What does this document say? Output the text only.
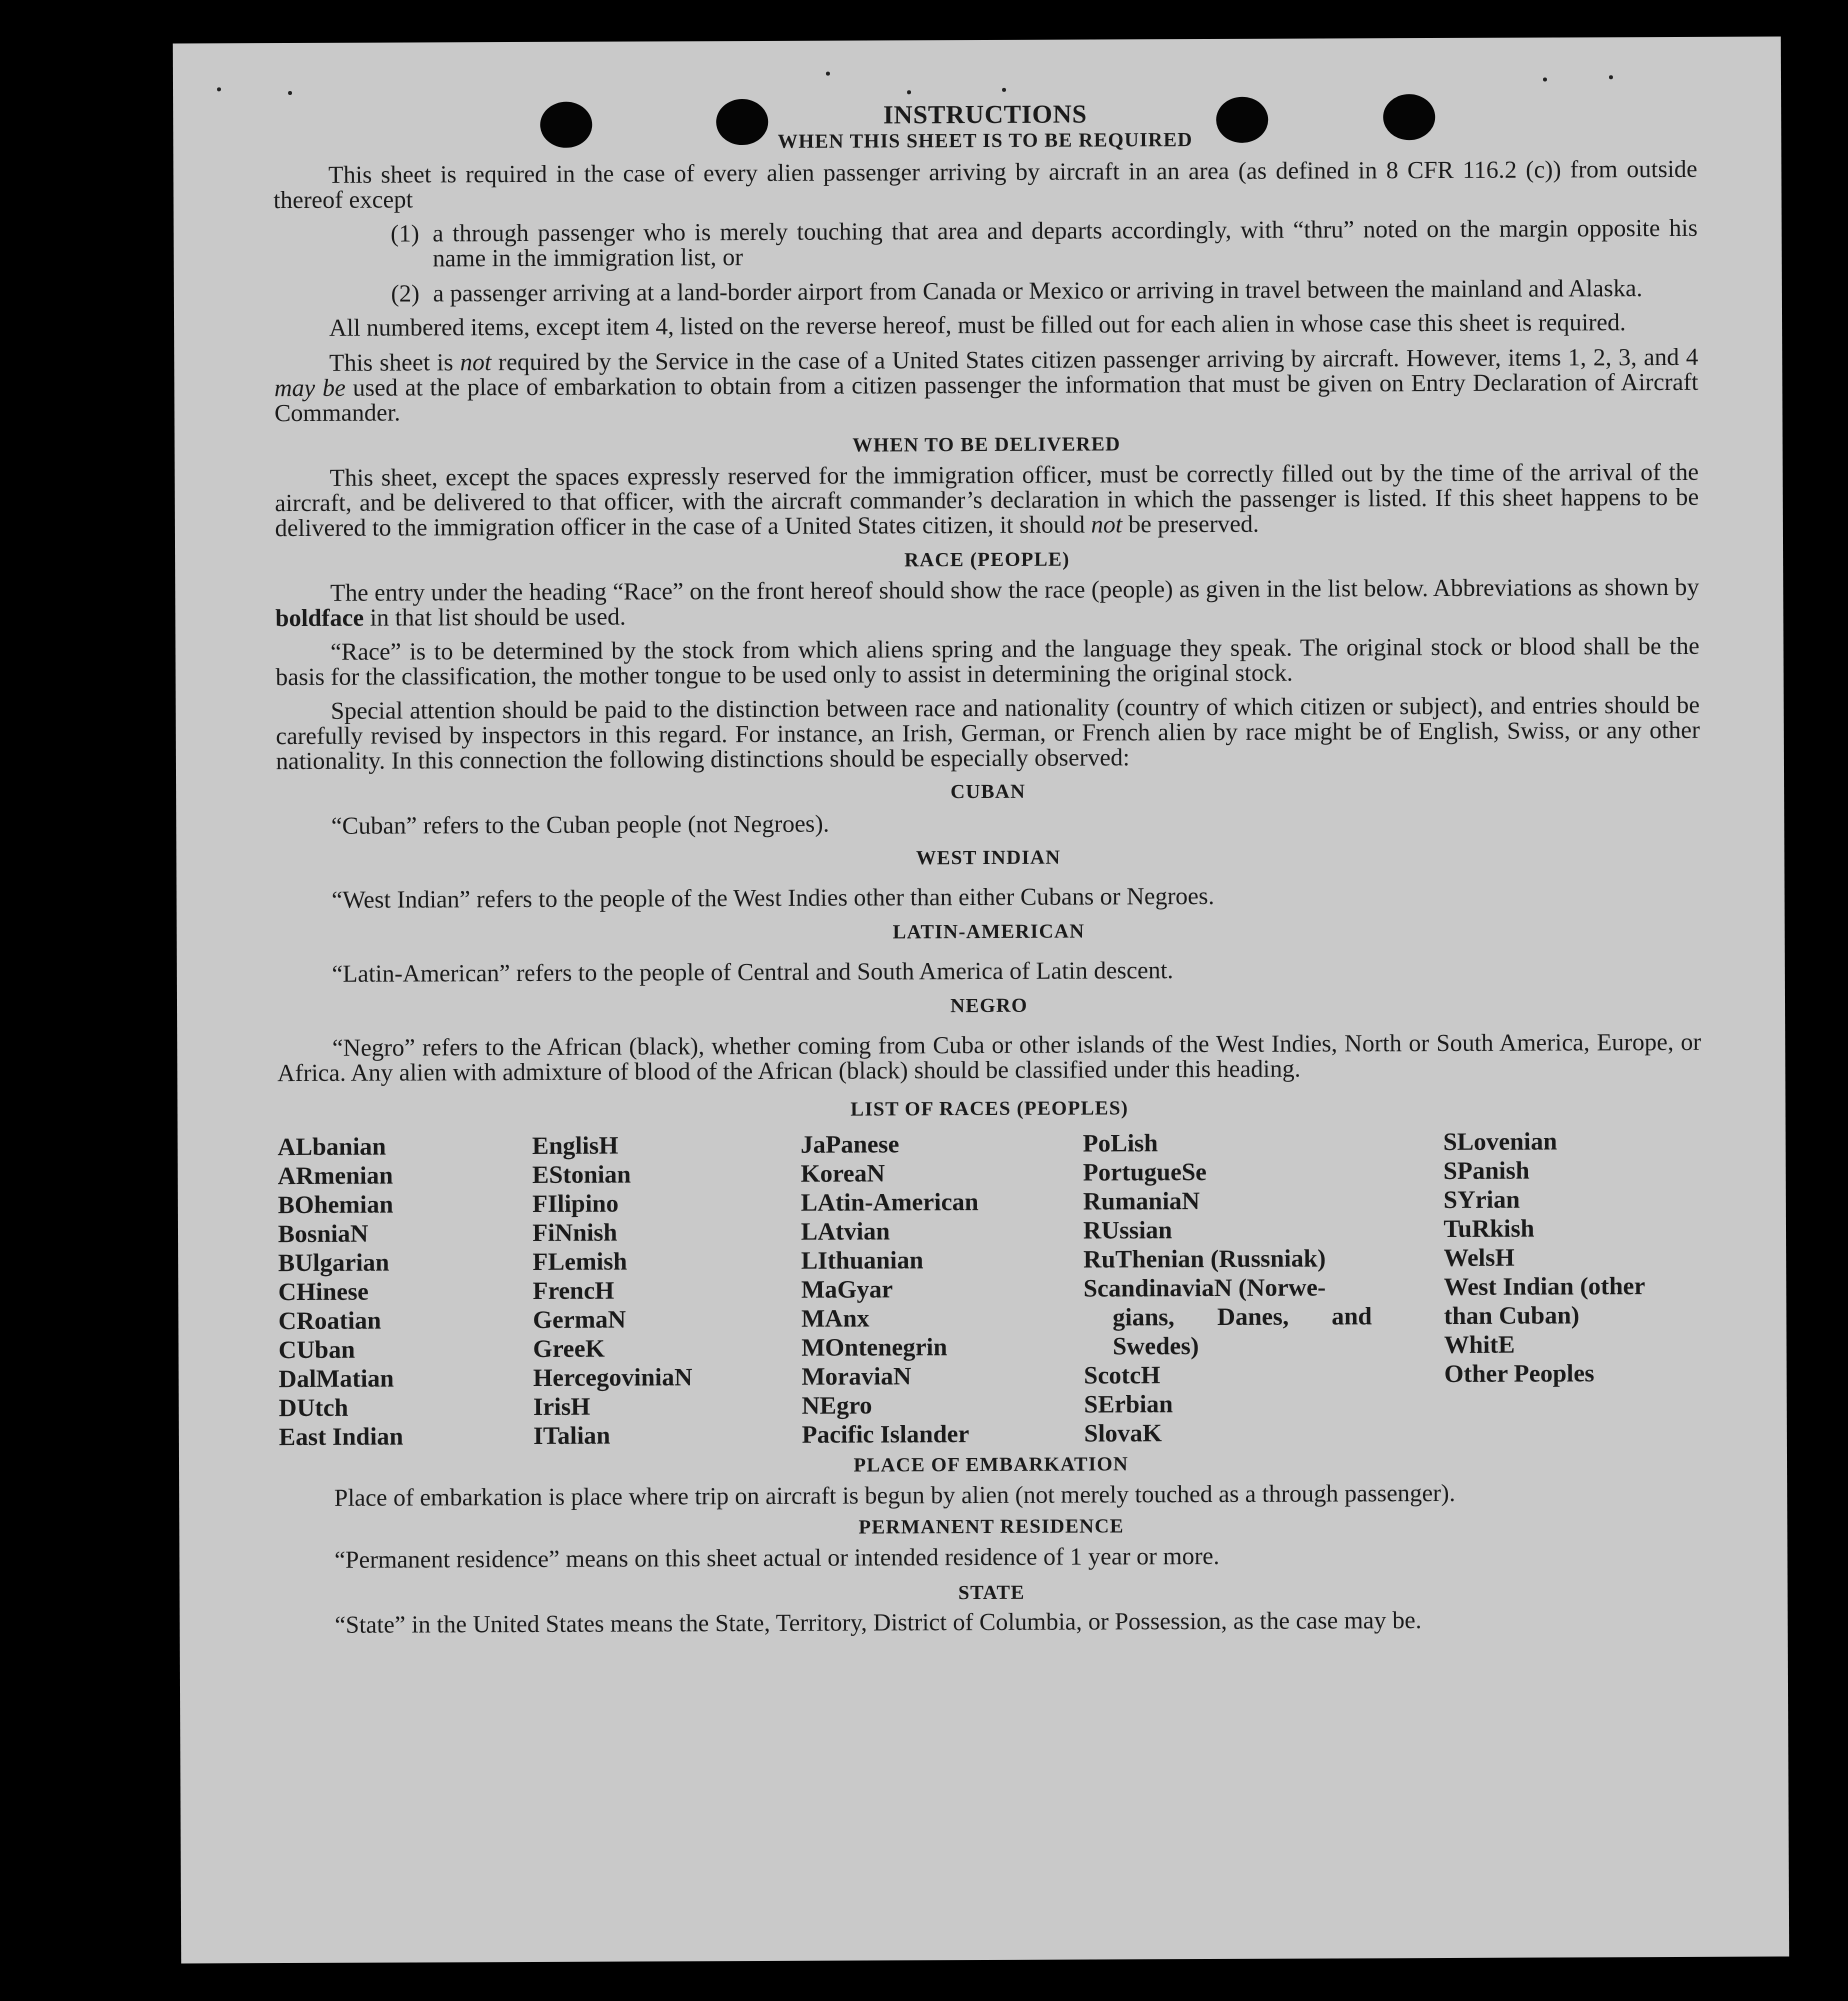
INSTRUCTIONS
WHEN THIS SHEET IS TO BE REQUIRED

This sheet is required in the case of every alien passenger arriving by aircraft in an area (as defined in 8 CFR 116.2 (c)) from outside thereof except

(1) a through passenger who is merely touching that area and departs accordingly, with “thru” noted on the margin opposite his name in the immigration list, or
(2) a passenger arriving at a land-border airport from Canada or Mexico or arriving in travel between the mainland and Alaska.

All numbered items, except item 4, listed on the reverse hereof, must be filled out for each alien in whose case this sheet is required.

This sheet is not required by the Service in the case of a United States citizen passenger arriving by aircraft. However, items 1, 2, 3, and 4 may be used at the place of embarkation to obtain from a citizen passenger the information that must be given on Entry Declaration of Aircraft Commander.

WHEN TO BE DELIVERED

This sheet, except the spaces expressly reserved for the immigration officer, must be correctly filled out by the time of the arrival of the aircraft, and be delivered to that officer, with the aircraft commander’s declaration in which the passenger is listed. If this sheet happens to be delivered to the immigration officer in the case of a United States citizen, it should not be preserved.

RACE (PEOPLE)

The entry under the heading “Race” on the front hereof should show the race (people) as given in the list below. Abbreviations as shown by boldface in that list should be used.

“Race” is to be determined by the stock from which aliens spring and the language they speak. The original stock or blood shall be the basis for the classification, the mother tongue to be used only to assist in determining the original stock.

Special attention should be paid to the distinction between race and nationality (country of which citizen or subject), and entries should be carefully revised by inspectors in this regard. For instance, an Irish, German, or French alien by race might be of English, Swiss, or any other nationality. In this connection the following distinctions should be especially observed:

CUBAN

“Cuban” refers to the Cuban people (not Negroes).

WEST INDIAN

“West Indian” refers to the people of the West Indies other than either Cubans or Negroes.

LATIN-AMERICAN

“Latin-American” refers to the people of Central and South America of Latin descent.

NEGRO

“Negro” refers to the African (black), whether coming from Cuba or other islands of the West Indies, North or South America, Europe, or Africa. Any alien with admixture of blood of the African (black) should be classified under this heading.

LIST OF RACES (PEOPLES)
ALbanian
ARmenian
BOhemian
BosniaN
BUlgarian
CHinese
CRoatian
CUban
DalMatian
DUtch
East Indian
EnglisH
EStonian
FIlipino
FiNnish
FLemish
FrencH
GermaN
GreeK
HercegovinіaN
IrisH
ITalian
JaPanese
KoreaN
LAtin-American
LAtvian
LIthuanian
MaGyar
MAnx
MOntenegrin
MoraviaN
NEgro
Pacific Islander
PoLish
PortugueSe
RumaniaN
RUssian
RuThenian (Russniak)
ScandinaviaN (Norwe-
gians, Danes, and
Swedes)
ScotcH
SErbian
SlovaK
SLovenian
SPanish
SYrian
TuRkish
WelsH
West Indian (other
than Cuban)
WhitE
Other Peoples
PLACE OF EMBARKATION

Place of embarkation is place where trip on aircraft is begun by alien (not merely touched as a through passenger).

PERMANENT RESIDENCE

“Permanent residence” means on this sheet actual or intended residence of 1 year or more.

STATE

“State” in the United States means the State, Territory, District of Columbia, or Possession, as the case may be.
